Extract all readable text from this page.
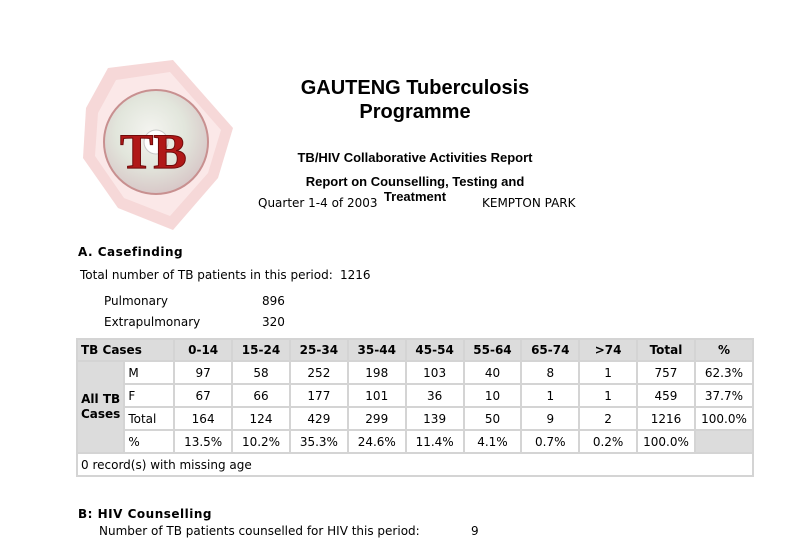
TB
GAUTENG Tuberculosis
Programme
TB/HIV Collaborative Activities Report
Report on Counselling, Testing and Treatment
Quarter 1-4 of 2003	KEMPTON PARK
A. Casefinding
Total number of TB patients in this period: 1216
Pulmonary	896
Extrapulmonary	320
TB Cases		0-14	15-24	25-34	35-44	45-54	55-64	65-74	>74	Total	%
All TB
Cases	M	97	58	252	198	103	40	8	1	757	62.3%
	F	67	66	177	101	36	10	1	1	459	37.7%
	Total	164	124	429	299	139	50	9	2	1216	100.0%
	%	13.5%	10.2%	35.3%	24.6%	11.4%	4.1%	0.7%	0.2%	100.0%	
0 record(s) with missing age											
B: HIV Counselling
Number of TB patients counselled for HIV this period:	9
